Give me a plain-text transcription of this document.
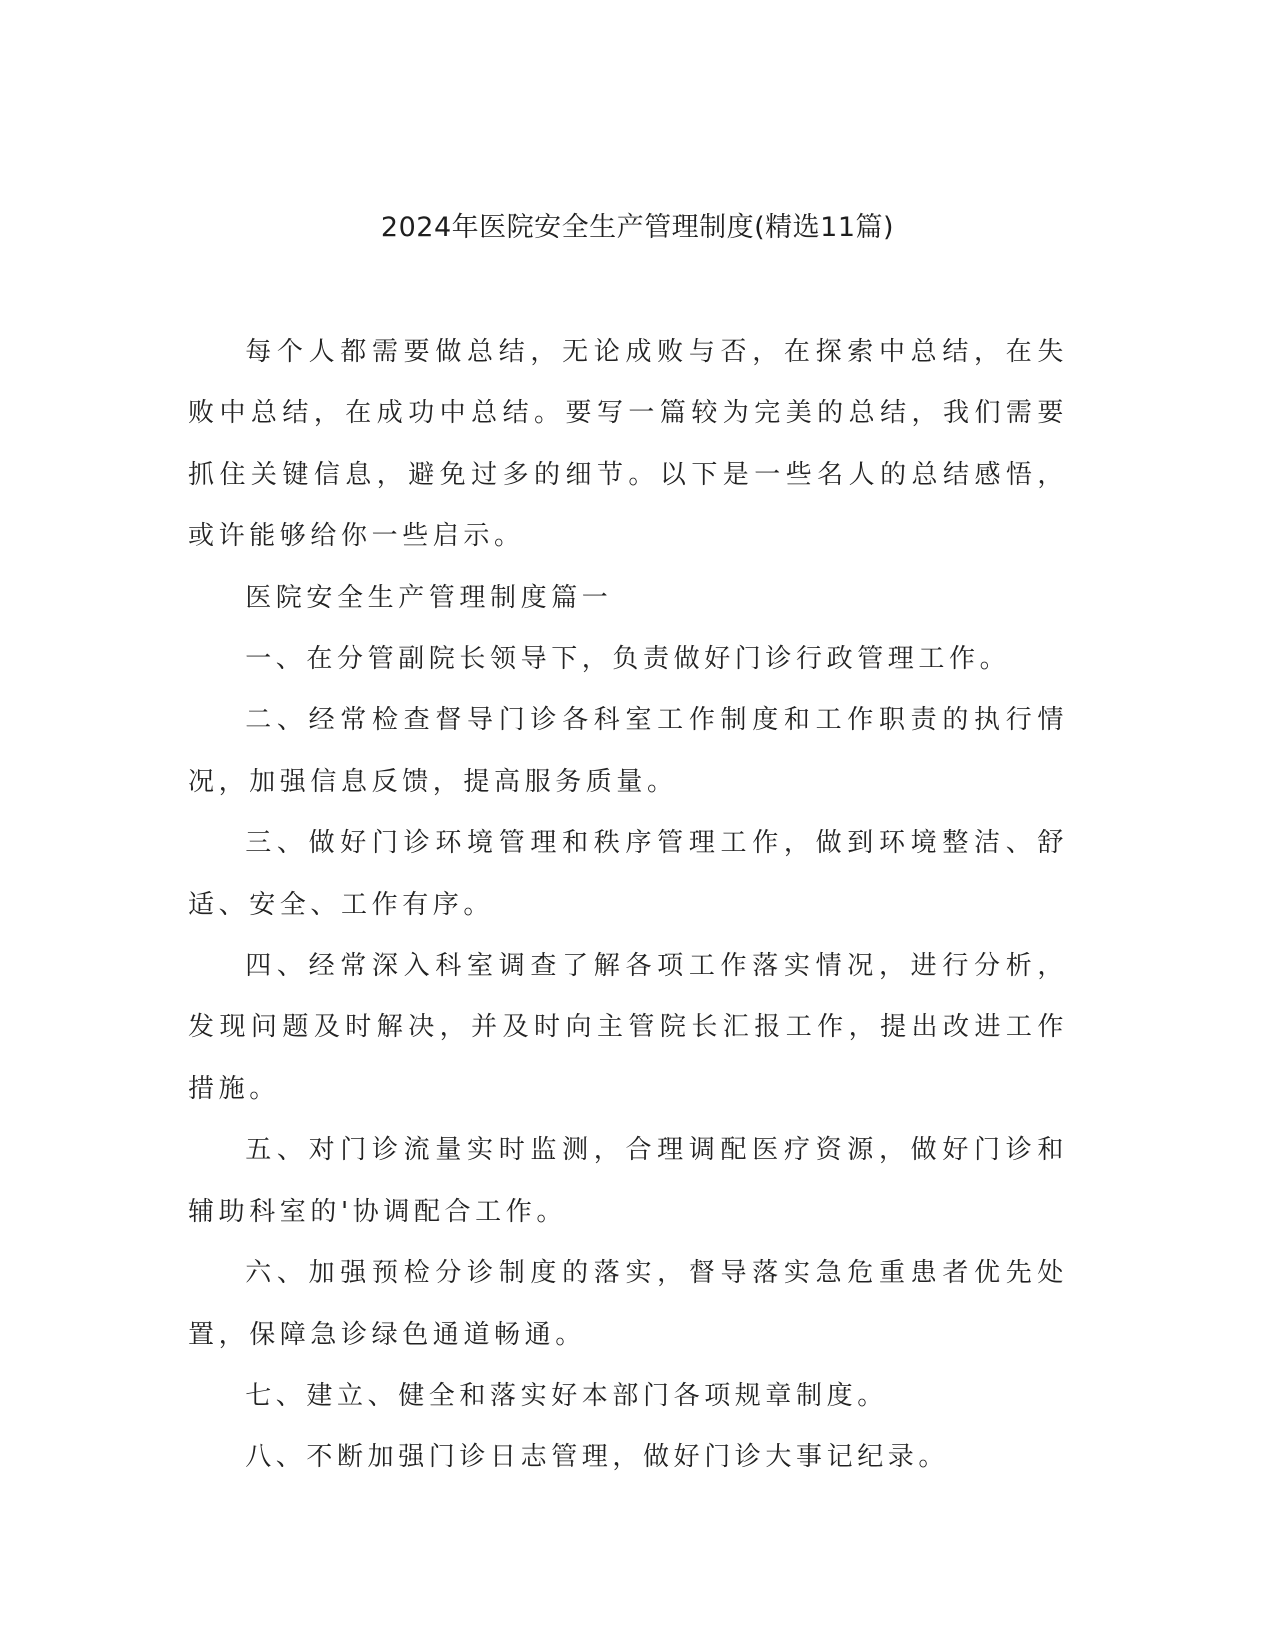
2024年医院安全生产管理制度(精选11篇)

每个人都需要做总结，无论成败与否，在探索中总结，在失败中总结，在成功中总结。要写一篇较为完美的总结，我们需要抓住关键信息，避免过多的细节。以下是一些名人的总结感悟，或许能够给你一些启示。

医院安全生产管理制度篇一

一、在分管副院长领导下，负责做好门诊行政管理工作。

二、经常检查督导门诊各科室工作制度和工作职责的执行情况，加强信息反馈，提高服务质量。

三、做好门诊环境管理和秩序管理工作，做到环境整洁、舒适、安全、工作有序。

四、经常深入科室调查了解各项工作落实情况，进行分析，发现问题及时解决，并及时向主管院长汇报工作，提出改进工作措施。

五、对门诊流量实时监测，合理调配医疗资源，做好门诊和辅助科室的'协调配合工作。

六、加强预检分诊制度的落实，督导落实急危重患者优先处置，保障急诊绿色通道畅通。

七、建立、健全和落实好本部门各项规章制度。

八、不断加强门诊日志管理，做好门诊大事记纪录。
